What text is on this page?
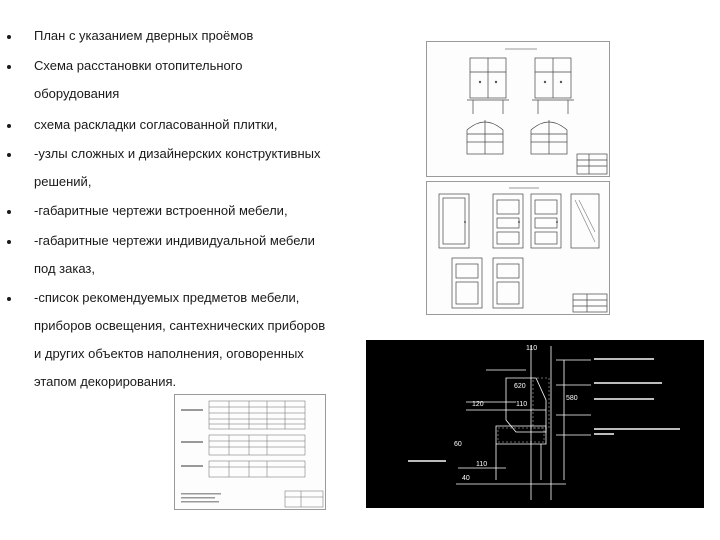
План с указанием дверных проёмов
Схема расстановки отопительного
оборудования
схема раскладки согласованной плитки,
-узлы сложных и дизайнерских конструктивных
решений,
-габаритные чертежи встроенной мебели,
-габаритные чертежи индивидуальной мебели
под заказ,
-список рекомендуемых предметов мебели,
приборов освещения, сантехнических приборов
и других объектов наполнения, оговоренных
этапом декорирования.
110
620
120	110
580
110
60
40
